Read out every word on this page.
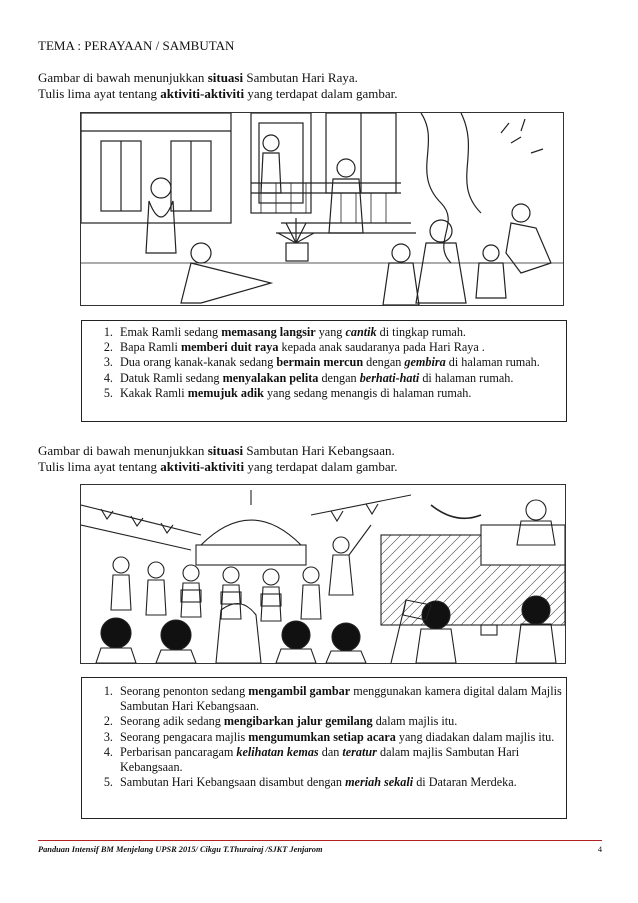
TEMA : PERAYAAN / SAMBUTAN
Gambar di bawah menunjukkan situasi Sambutan Hari Raya.
Tulis lima ayat tentang aktiviti-aktiviti yang terdapat dalam gambar.
1. Emak Ramli sedang memasang langsir yang cantik di tingkap rumah.
2. Bapa Ramli memberi duit raya kepada anak saudaranya pada Hari Raya .
3. Dua orang kanak-kanak sedang bermain mercun dengan gembira di halaman rumah.
4. Datuk Ramli sedang menyalakan pelita dengan berhati-hati di halaman rumah.
5. Kakak Ramli memujuk adik yang sedang menangis di halaman rumah.
Gambar di bawah menunjukkan situasi Sambutan Hari Kebangsaan.
Tulis lima ayat tentang aktiviti-aktiviti yang terdapat dalam gambar.
1. Seorang penonton sedang mengambil gambar menggunakan kamera digital dalam Majlis Sambutan Hari Kebangsaan.
2. Seorang adik sedang mengibarkan jalur gemilang dalam majlis itu.
3. Seorang pengacara majlis mengumumkan setiap acara yang diadakan dalam majlis itu.
4. Perbarisan pancaragam kelihatan kemas dan teratur dalam majlis Sambutan Hari Kebangsaan.
5. Sambutan Hari Kebangsaan disambut dengan meriah sekali di Dataran Merdeka.
Panduan Intensif BM Menjelang UPSR 2015/ Cikgu T.Thurairaj /SJKT Jenjarom	4
